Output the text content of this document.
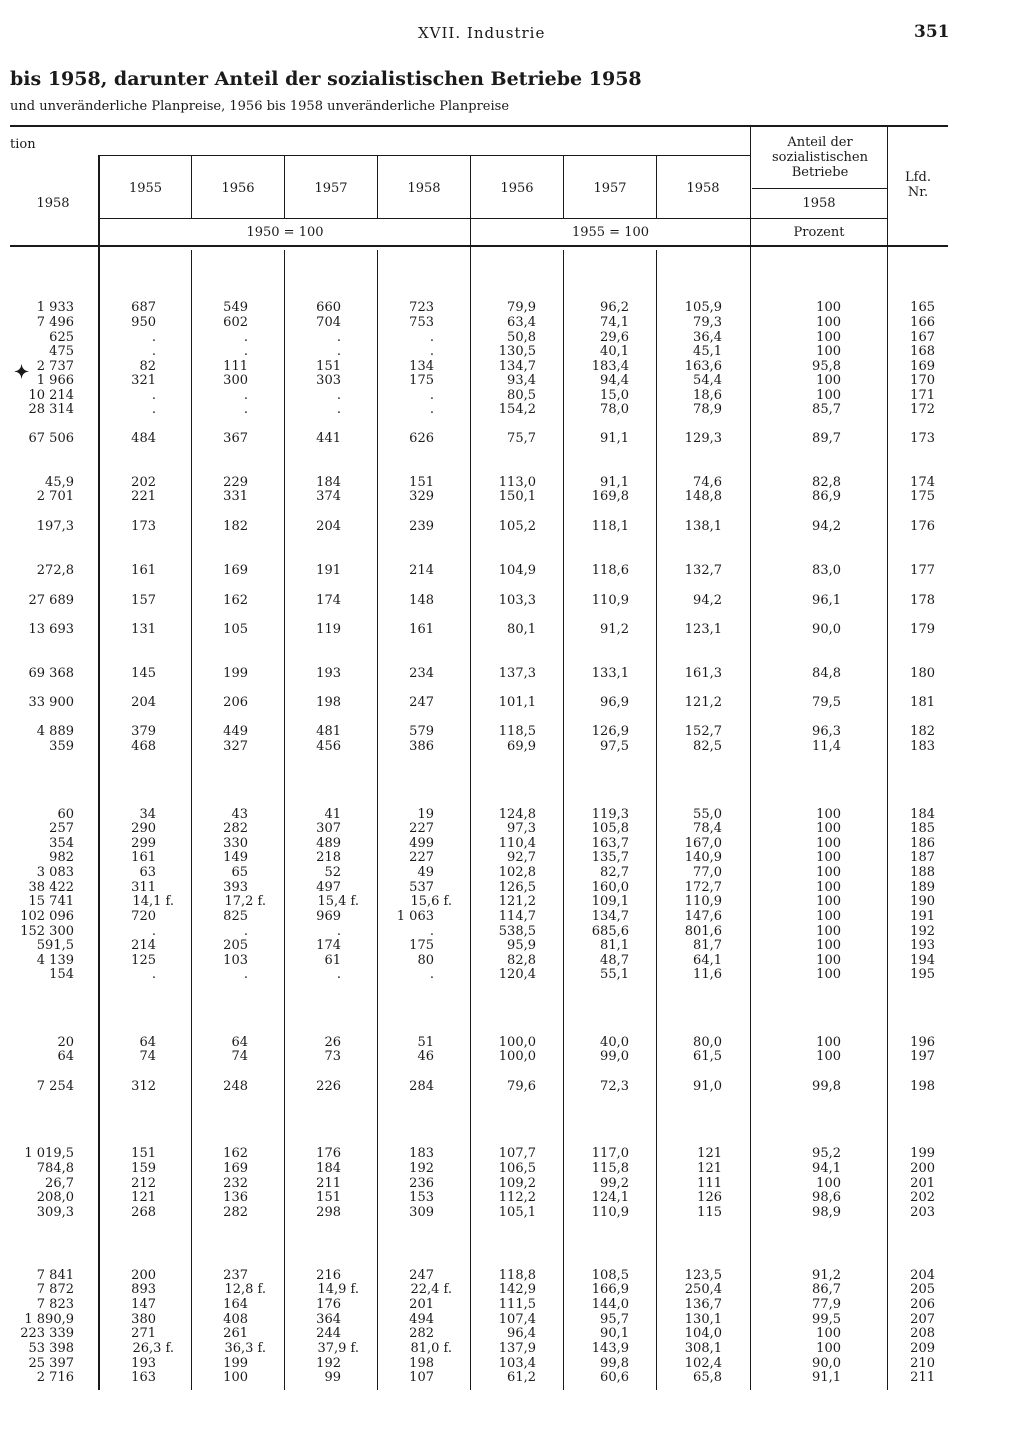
XVII. Industrie	351
bis 1958, darunter Anteil der sozialistischen Betriebe 1958
und unveränderliche Planpreise, 1956 bis 1958 unveränderliche Planpreise
tion
1958
1955	1956	1957	1958	1956	1957	1958
Anteil der sozialistischen Betriebe
1958
Lfd. Nr.
1950 = 100	1955 = 100	Prozent
✦
1 933	687	549	660	723	79,9	96,2	105,9	100	165
7 496	950	602	704	753	63,4	74,1	79,3	100	166
625	.	.	.	.	50,8	29,6	36,4	100	167
475	.	.	.	.	130,5	40,1	45,1	100	168
2 737	82	111	151	134	134,7	183,4	163,6	95,8	169
1 966	321	300	303	175	93,4	94,4	54,4	100	170
10 214	.	.	.	.	80,5	15,0	18,6	100	171
28 314	.	.	.	.	154,2	78,0	78,9	85,7	172
67 506	484	367	441	626	75,7	91,1	129,3	89,7	173
45,9	202	229	184	151	113,0	91,1	74,6	82,8	174
2 701	221	331	374	329	150,1	169,8	148,8	86,9	175
197,3	173	182	204	239	105,2	118,1	138,1	94,2	176
272,8	161	169	191	214	104,9	118,6	132,7	83,0	177
27 689	157	162	174	148	103,3	110,9	94,2	96,1	178
13 693	131	105	119	161	80,1	91,2	123,1	90,0	179
69 368	145	199	193	234	137,3	133,1	161,3	84,8	180
33 900	204	206	198	247	101,1	96,9	121,2	79,5	181
4 889	379	449	481	579	118,5	126,9	152,7	96,3	182
359	468	327	456	386	69,9	97,5	82,5	11,4	183
60	34	43	41	19	124,8	119,3	55,0	100	184
257	290	282	307	227	97,3	105,8	78,4	100	185
354	299	330	489	499	110,4	163,7	167,0	100	186
982	161	149	218	227	92,7	135,7	140,9	100	187
3 083	63	65	52	49	102,8	82,7	77,0	100	188
38 422	311	393	497	537	126,5	160,0	172,7	100	189
15 741	14,1 f.	17,2 f.	15,4 f.	15,6 f.	121,2	109,1	110,9	100	190
102 096	720	825	969	1 063	114,7	134,7	147,6	100	191
152 300	.	.	.	.	538,5	685,6	801,6	100	192
591,5	214	205	174	175	95,9	81,1	81,7	100	193
4 139	125	103	61	80	82,8	48,7	64,1	100	194
154	.	.	.	.	120,4	55,1	11,6	100	195
20	64	64	26	51	100,0	40,0	80,0	100	196
64	74	74	73	46	100,0	99,0	61,5	100	197
7 254	312	248	226	284	79,6	72,3	91,0	99,8	198
1 019,5	151	162	176	183	107,7	117,0	121	95,2	199
784,8	159	169	184	192	106,5	115,8	121	94,1	200
26,7	212	232	211	236	109,2	99,2	111	100	201
208,0	121	136	151	153	112,2	124,1	126	98,6	202
309,3	268	282	298	309	105,1	110,9	115	98,9	203
7 841	200	237	216	247	118,8	108,5	123,5	91,2	204
7 872	893	12,8 f.	14,9 f.	22,4 f.	142,9	166,9	250,4	86,7	205
7 823	147	164	176	201	111,5	144,0	136,7	77,9	206
1 890,9	380	408	364	494	107,4	95,7	130,1	99,5	207
223 339	271	261	244	282	96,4	90,1	104,0	100	208
53 398	26,3 f.	36,3 f.	37,9 f.	81,0 f.	137,9	143,9	308,1	100	209
25 397	193	199	192	198	103,4	99,8	102,4	90,0	210
2 716	163	100	99	107	61,2	60,6	65,8	91,1	211
